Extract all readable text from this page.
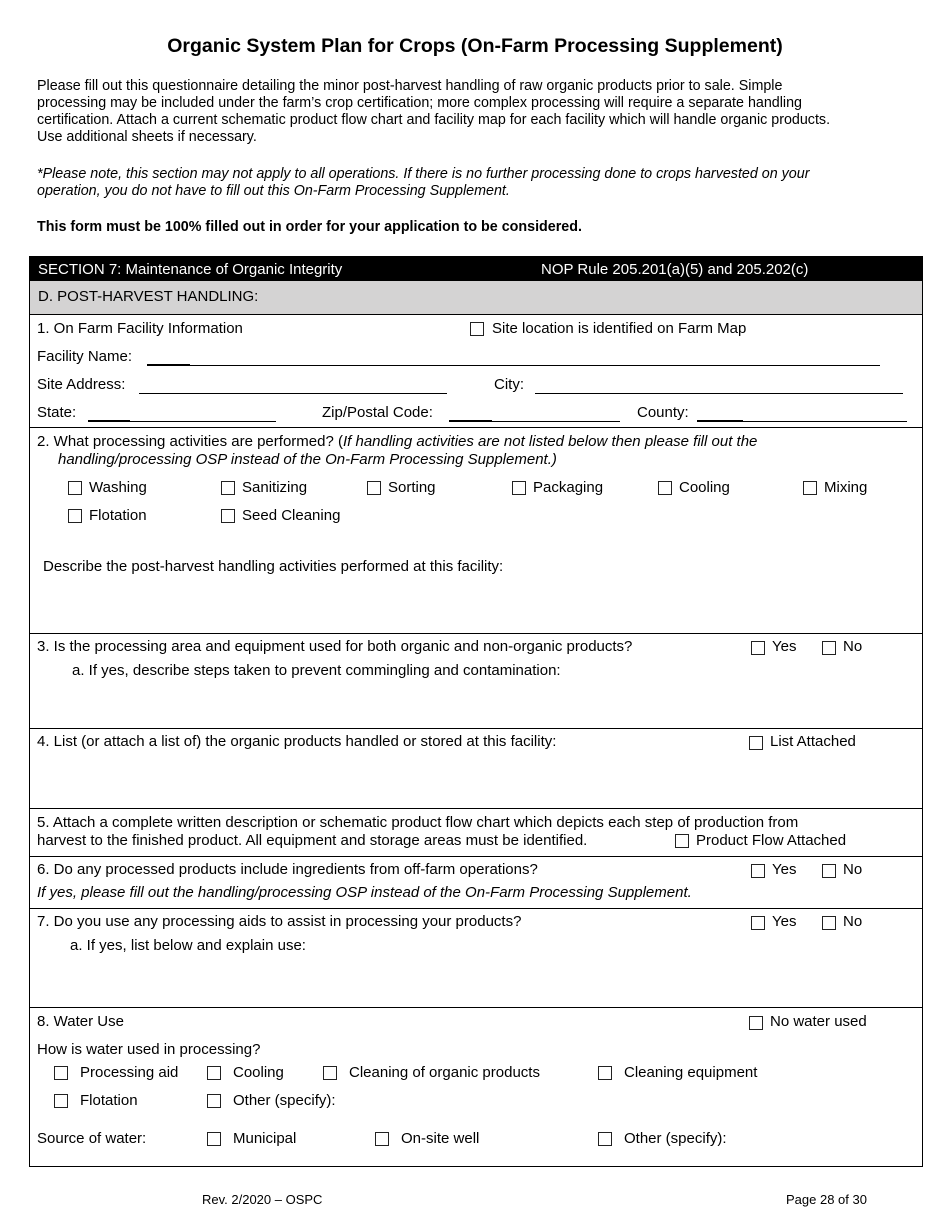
Organic System Plan for Crops (On-Farm Processing Supplement)
Please fill out this questionnaire detailing the minor post-harvest handling of raw organic products prior to sale. Simple
processing may be included under the farm’s crop certification; more complex processing will require a separate handling
certification. Attach a current schematic product flow chart and facility map for each facility which will handle organic products.
Use additional sheets if necessary.
*Please note, this section may not apply to all operations. If there is no further processing done to crops harvested on your
operation, you do not have to fill out this On-Farm Processing Supplement.
This form must be 100% filled out in order for your application to be considered.
SECTION 7: Maintenance of Organic Integrity	NOP Rule 205.201(a)(5) and 205.202(c)
D. POST-HARVEST HANDLING:
1. On Farm Facility Information	Site location is identified on Farm Map
Facility Name:
Site Address:	City:
State:	Zip/Postal Code:	County:
2. What processing activities are performed? (If handling activities are not listed below then please fill out the
handling/processing OSP instead of the On-Farm Processing Supplement.)
Washing	Sanitizing	Sorting	Packaging	Cooling	Mixing
Flotation	Seed Cleaning
Describe the post-harvest handling activities performed at this facility:
3. Is the processing area and equipment used for both organic and non-organic products?	Yes	No
a. If yes, describe steps taken to prevent commingling and contamination:
4. List (or attach a list of) the organic products handled or stored at this facility:	List Attached
5. Attach a complete written description or schematic product flow chart which depicts each step of production from
harvest to the finished product. All equipment and storage areas must be identified.	Product Flow Attached
6. Do any processed products include ingredients from off-farm operations?	Yes	No
If yes, please fill out the handling/processing OSP instead of the On-Farm Processing Supplement.
7. Do you use any processing aids to assist in processing your products?	Yes	No
a. If yes, list below and explain use:
8. Water Use	No water used
How is water used in processing?
Processing aid	Cooling	Cleaning of organic products	Cleaning equipment
Flotation	Other (specify):
Source of water:	Municipal	On-site well	Other (specify):
Rev. 2/2020 – OSPC	Page 28 of 30
